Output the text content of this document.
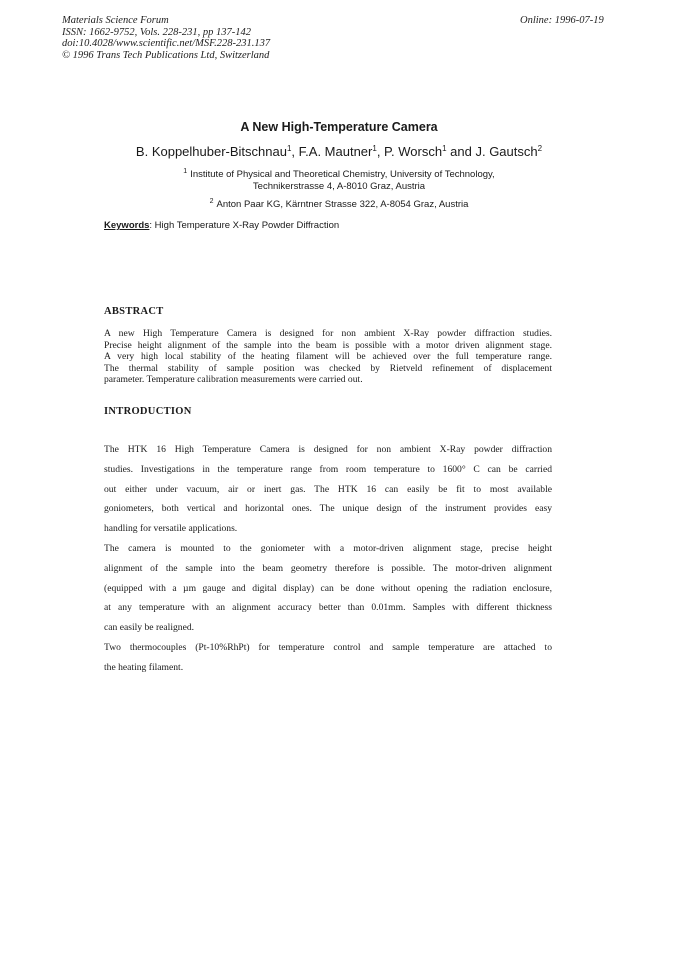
Materials Science Forum
ISSN: 1662-9752, Vols. 228-231, pp 137-142
doi:10.4028/www.scientific.net/MSF.228-231.137
© 1996 Trans Tech Publications Ltd, Switzerland
Online: 1996-07-19
A New High-Temperature Camera
B. Koppelhuber-Bitschnau$^1$, F.A. Mautner$^1$, P. Worsch$^1$ and J. Gautsch$^2$
$^1$ Institute of Physical and Theoretical Chemistry, University of Technology,
Technikerstrasse 4, A-8010 Graz, Austria
$^2$ Anton Paar KG, Kärntner Strasse 322, A-8054 Graz, Austria
Keywords: High Temperature X-Ray Powder Diffraction
ABSTRACT
A new High Temperature Camera is designed for non ambient X-Ray powder diffraction studies.
Precise height alignment of the sample into the beam is possible with a motor driven alignment stage.
A very high local stability of the heating filament will be achieved over the full temperature range.
The thermal stability of sample position was checked by Rietveld refinement of displacement
parameter. Temperature calibration measurements were carried out.
INTRODUCTION
The HTK 16 High Temperature Camera is designed for non ambient X-Ray powder diffraction
studies. Investigations in the temperature range from room temperature to 1600° C can be carried
out either under vacuum, air or inert gas. The HTK 16 can easily be fit to most available
goniometers, both vertical and horizontal ones. The unique design of the instrument provides easy
handling for versatile applications.
The camera is mounted to the goniometer with a motor-driven alignment stage, precise height
alignment of the sample into the beam geometry therefore is possible. The motor-driven alignment
(equipped with a µm gauge and digital display) can be done without opening the radiation enclosure,
at any temperature with an alignment accuracy better than 0.01mm. Samples with different thickness
can easily be realigned.
Two thermocouples (Pt-10%RhPt) for temperature control and sample temperature are attached to
the heating filament.
